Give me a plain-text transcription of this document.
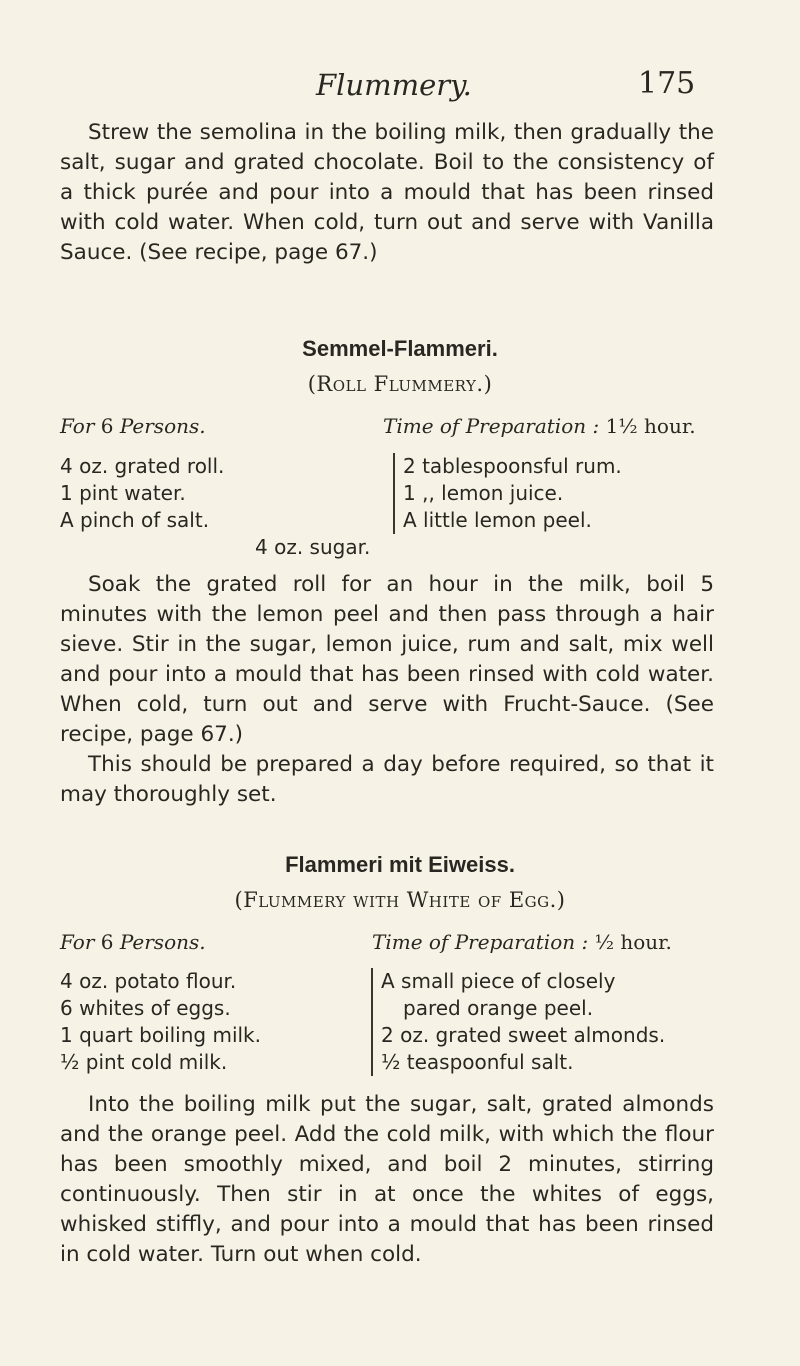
Flummery.	175

Strew the semolina in the boiling milk, then gradually the salt, sugar and grated chocolate. Boil to the consistency of a thick purée and pour into a mould that has been rinsed with cold water. When cold, turn out and serve with Vanilla Sauce. (See recipe, page 67.)

Semmel-Flammeri.
(Roll Flummery.)
For 6 Persons.	Time of Preparation : 1½ hour.
4 oz. grated roll.
1 pint water.
A pinch of salt.
2 tablespoonsful rum.
1 ,, lemon juice.
A little lemon peel.
4 oz. sugar.

Soak the grated roll for an hour in the milk, boil 5 minutes with the lemon peel and then pass through a hair sieve. Stir in the sugar, lemon juice, rum and salt, mix well and pour into a mould that has been rinsed with cold water. When cold, turn out and serve with Frucht-Sauce. (See recipe, page 67.)

This should be prepared a day before required, so that it may thoroughly set.

Flammeri mit Eiweiss.
(Flummery with White of Egg.)
For 6 Persons.	Time of Preparation : ½ hour.
4 oz. potato flour.
6 whites of eggs.
1 quart boiling milk.
½ pint cold milk.
A small piece of closely
pared orange peel.
2 oz. grated sweet almonds.
½ teaspoonful salt.

Into the boiling milk put the sugar, salt, grated almonds and the orange peel. Add the cold milk, with which the flour has been smoothly mixed, and boil 2 minutes, stirring continuously. Then stir in at once the whites of eggs, whisked stiffly, and pour into a mould that has been rinsed in cold water. Turn out when cold.
